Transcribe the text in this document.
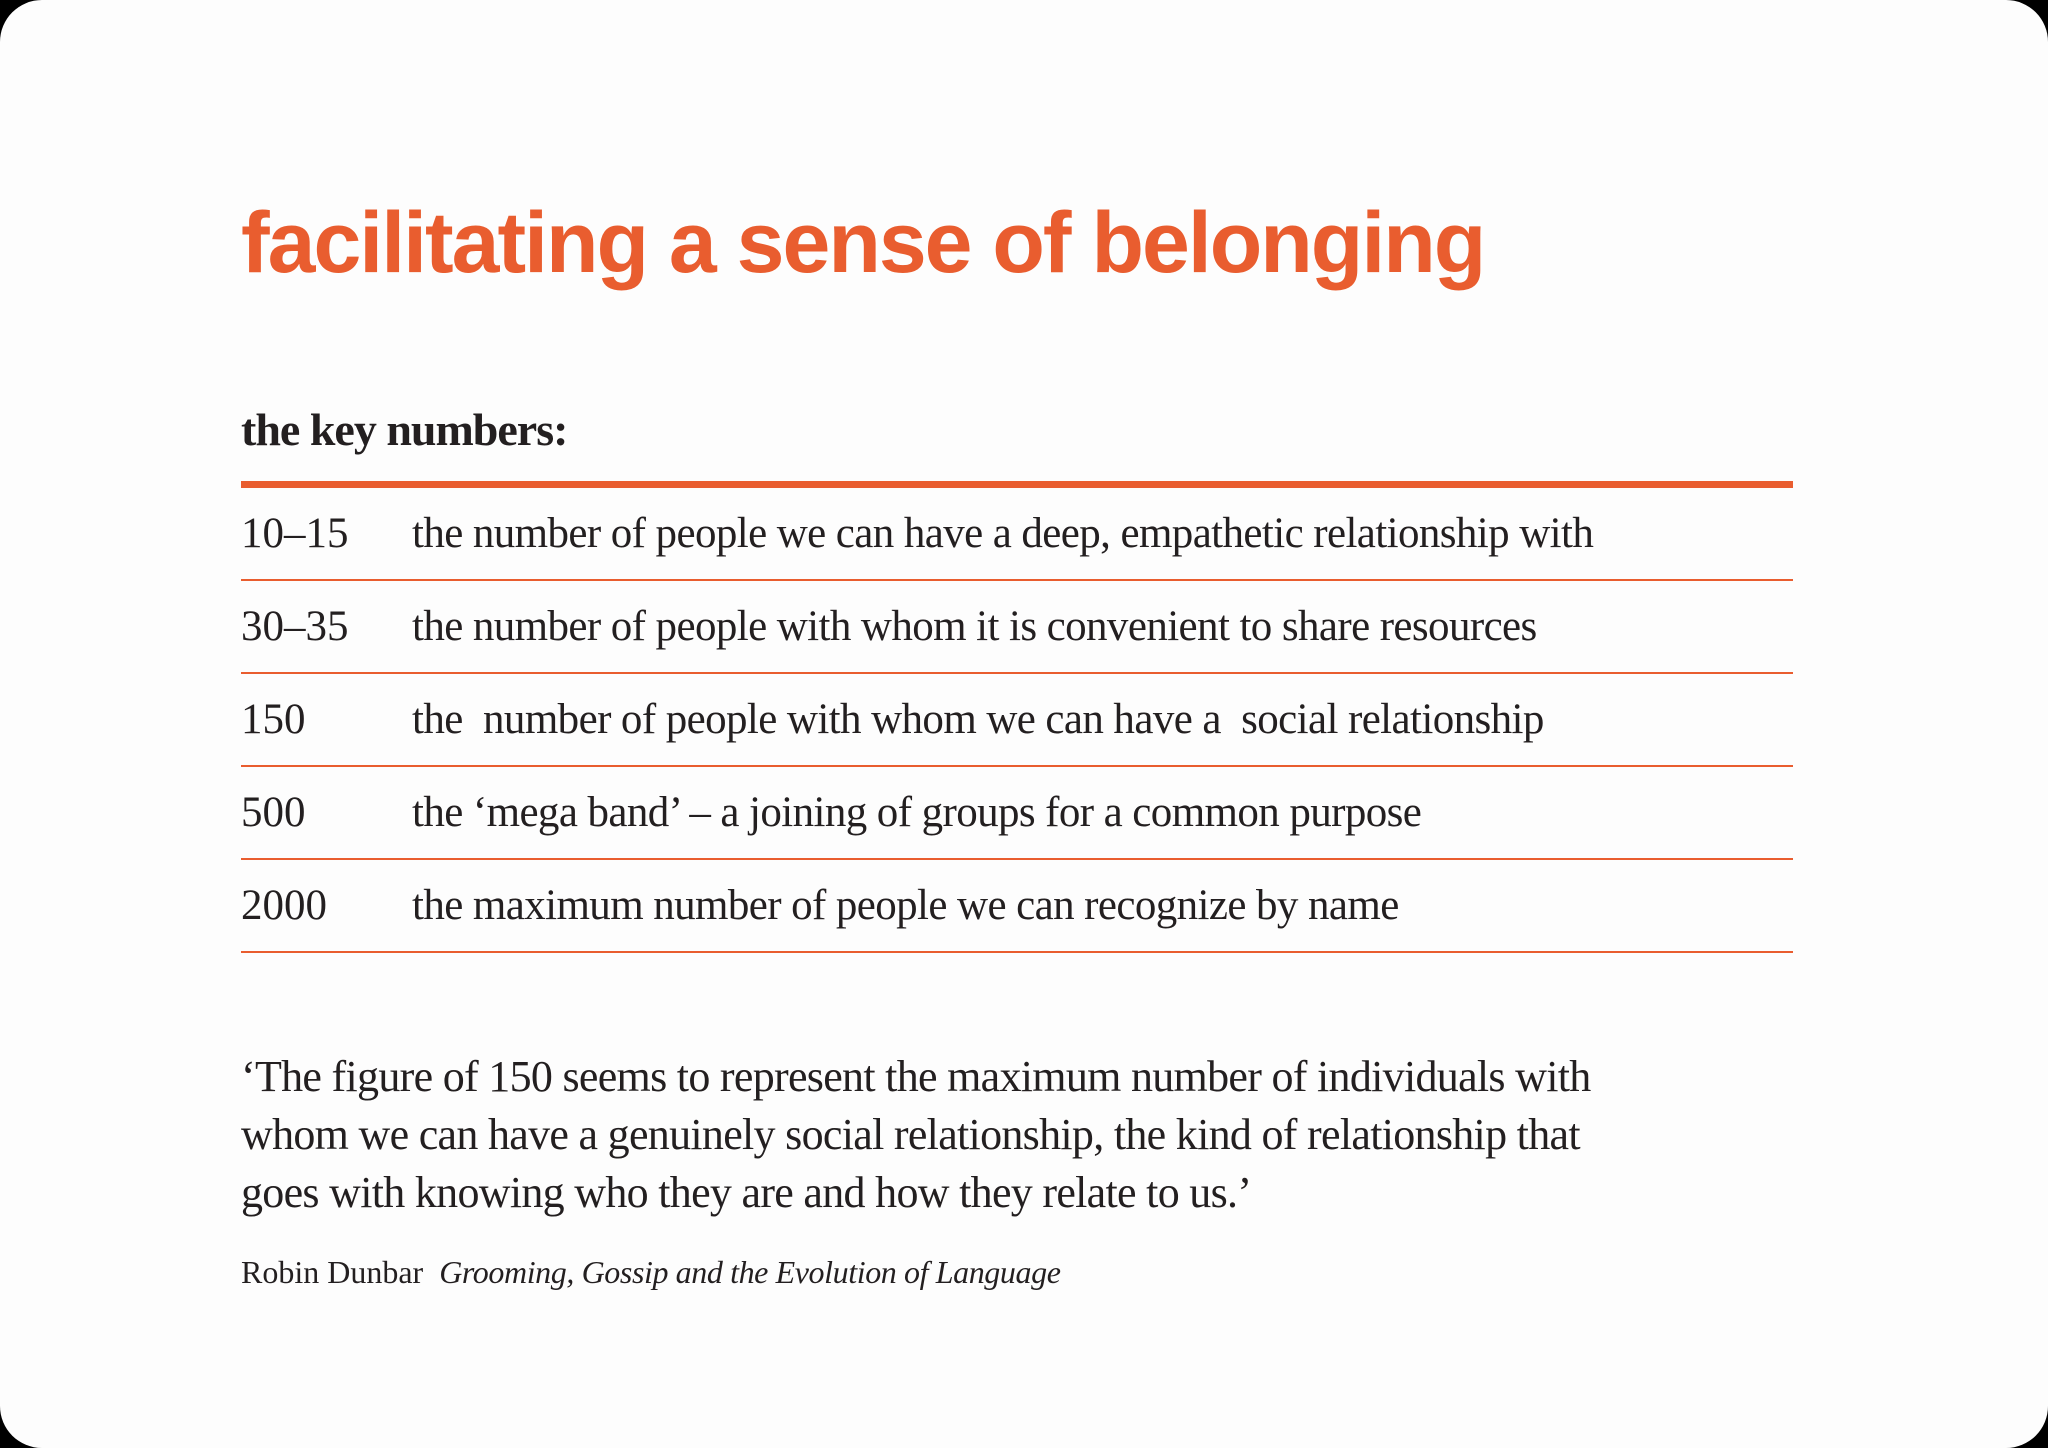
facilitating a sense of belonging
the key numbers:
10–15	the number of people we can have a deep, empathetic relationship with
30–35	the number of people with whom it is convenient to share resources
150	the  number of people with whom we can have a  social relationship
500	the ‘mega band’ – a joining of groups for a common purpose
2000	the maximum number of people we can recognize by name

‘The figure of 150 seems to represent the maximum number of individuals with
whom we can have a genuinely social relationship, the kind of relationship that
goes with knowing who they are and how they relate to us.’

Robin Dunbar Grooming, Gossip and the Evolution of Language
